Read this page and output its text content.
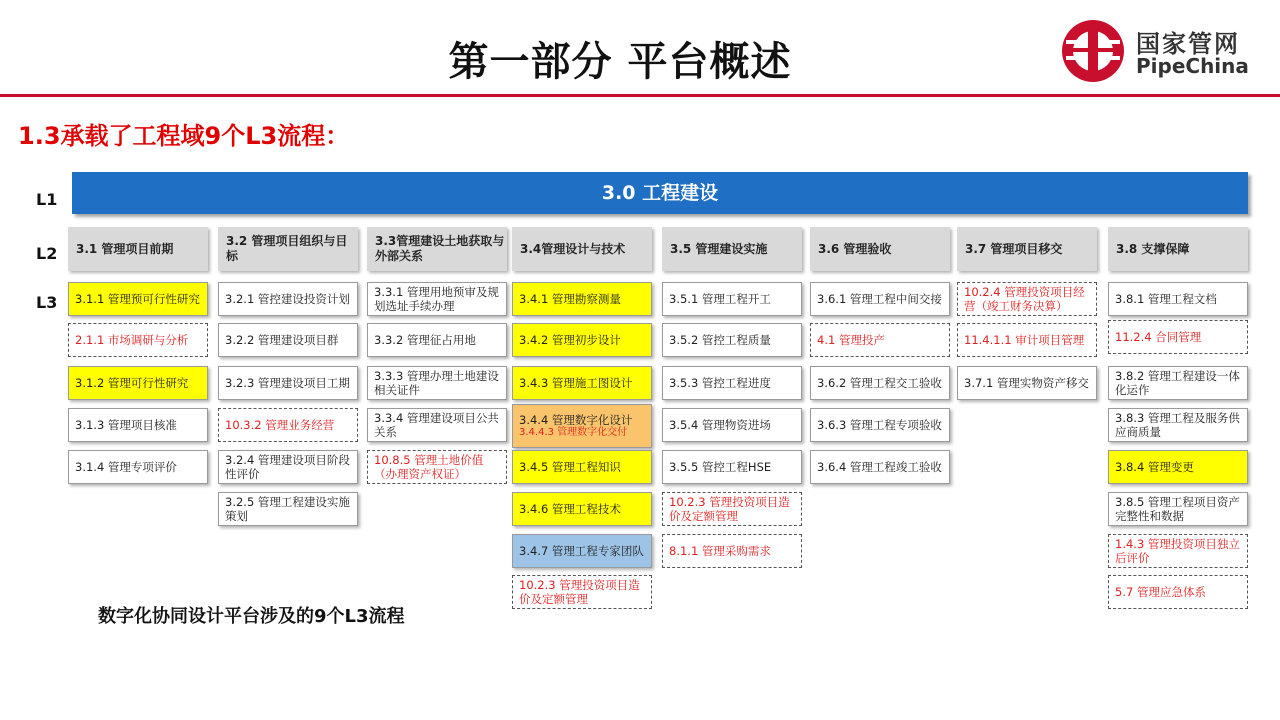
第一部分 平台概述	国家管网
PipeChina
1.3承载了工程域9个L3流程：
L1
L2
L3
3.0 工程建设
3.1 管理项目前期
3.1.1 管理预可行性研究
2.1.1 市场调研与分析
3.1.2 管理可行性研究
3.1.3 管理项目核准
3.1.4 管理专项评价
3.2 管理项目组织与目标
3.2.1 管控建设投资计划
3.2.2 管理建设项目群
3.2.3 管理建设项目工期
10.3.2 管理业务经营
3.2.4 管理建设项目阶段性评价
3.2.5 管理工程建设实施策划
3.3管理建设土地获取与外部关系
3.3.1 管理用地预审及规划选址手续办理
3.3.2 管理征占用地
3.3.3 管理办理土地建设相关证件
3.3.4 管理建设项目公共关系
10.8.5 管理土地价值（办理资产权证）
3.4管理设计与技术
3.4.1 管理勘察测量
3.4.2 管理初步设计
3.4.3 管理施工图设计
3.4.4 管理数字化设计
3.4.4.3 管理数字化交付
3.4.5 管理工程知识
3.4.6 管理工程技术
3.4.7 管理工程专家团队
10.2.3 管理投资项目造价及定额管理
3.5 管理建设实施
3.5.1 管理工程开工
3.5.2 管控工程质量
3.5.3 管控工程进度
3.5.4 管理物资进场
3.5.5 管控工程HSE
10.2.3 管理投资项目造价及定额管理
8.1.1 管理采购需求
3.6 管理验收
3.6.1 管理工程中间交接
4.1 管理投产
3.6.2 管理工程交工验收
3.6.3 管理工程专项验收
3.6.4 管理工程竣工验收
3.7 管理项目移交
10.2.4 管理投资项目经营（竣工财务决算）
11.4.1.1 审计项目管理
3.7.1 管理实物资产移交
3.8 支撑保障
3.8.1 管理工程文档
11.2.4 合同管理
3.8.2 管理工程建设一体化运作
3.8.3 管理工程及服务供应商质量
3.8.4 管理变更
3.8.5 管理工程项目资产完整性和数据
1.4.3 管理投资项目独立后评价
5.7 管理应急体系
数字化协同设计平台涉及的9个L3流程
